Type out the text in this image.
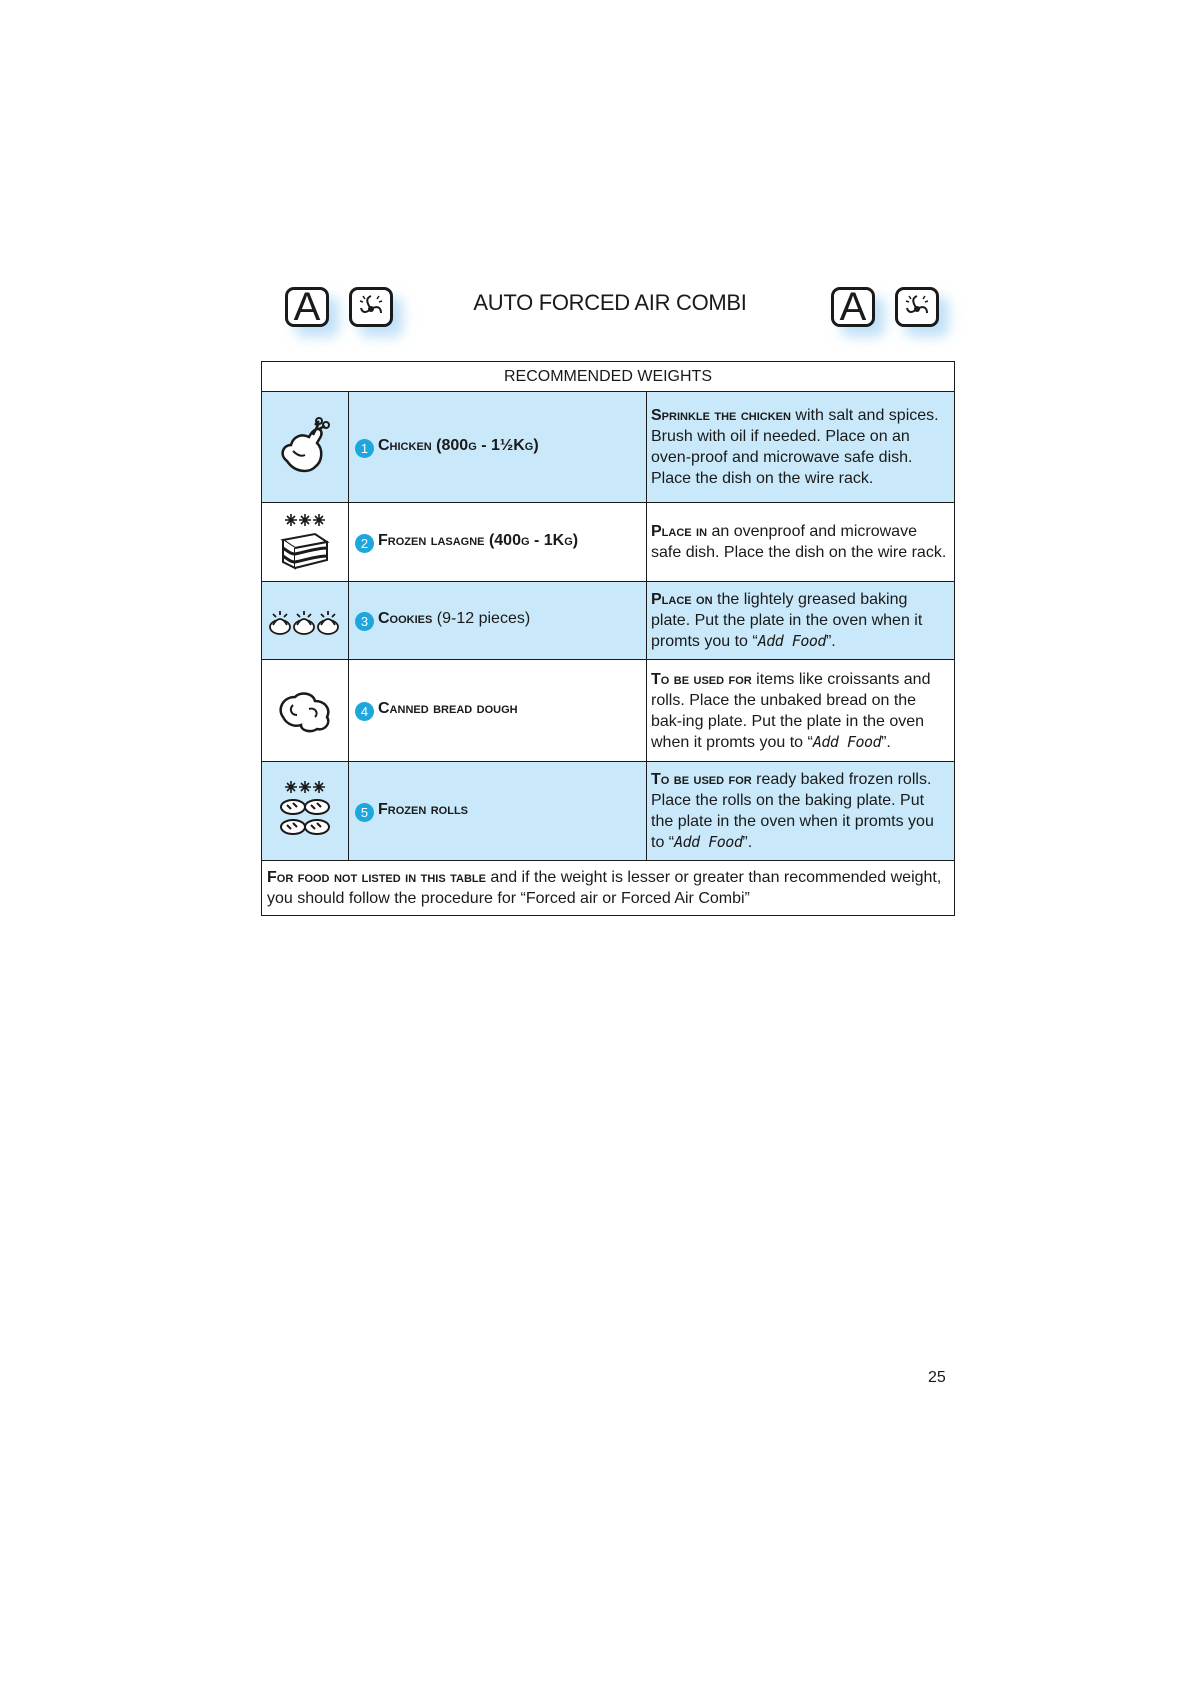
A	AUTO FORCED AIR COMBI	A
RECOMMENDED WEIGHTS		

	1 Chicken (800g - 1½Kg)	Sprinkle the chicken with salt and spices. Brush with oil if needed. Place on an oven-proof and microwave safe dish. Place the dish on the wire rack.

	2 Frozen lasagne (400g - 1Kg)	Place in an ovenproof and microwave safe dish. Place the dish on the wire rack.

	3 Cookies (9-12 pieces)	Place on the lightely greased baking plate. Put the plate in the oven when it promts you to “Add Food”.

	4 Canned bread dough	To be used for items like croissants and rolls. Place the unbaked bread on the bak-ing plate. Put the plate in the oven when it promts you to “Add Food”.

	5 Frozen rolls	To be used for ready baked frozen rolls. Place the rolls on the baking plate. Put the plate in the oven when it promts you to “Add Food”.
For food not listed in this table and if the weight is lesser or greater than recommended weight, you should follow the procedure for “Forced air or Forced Air Combi”		
25
